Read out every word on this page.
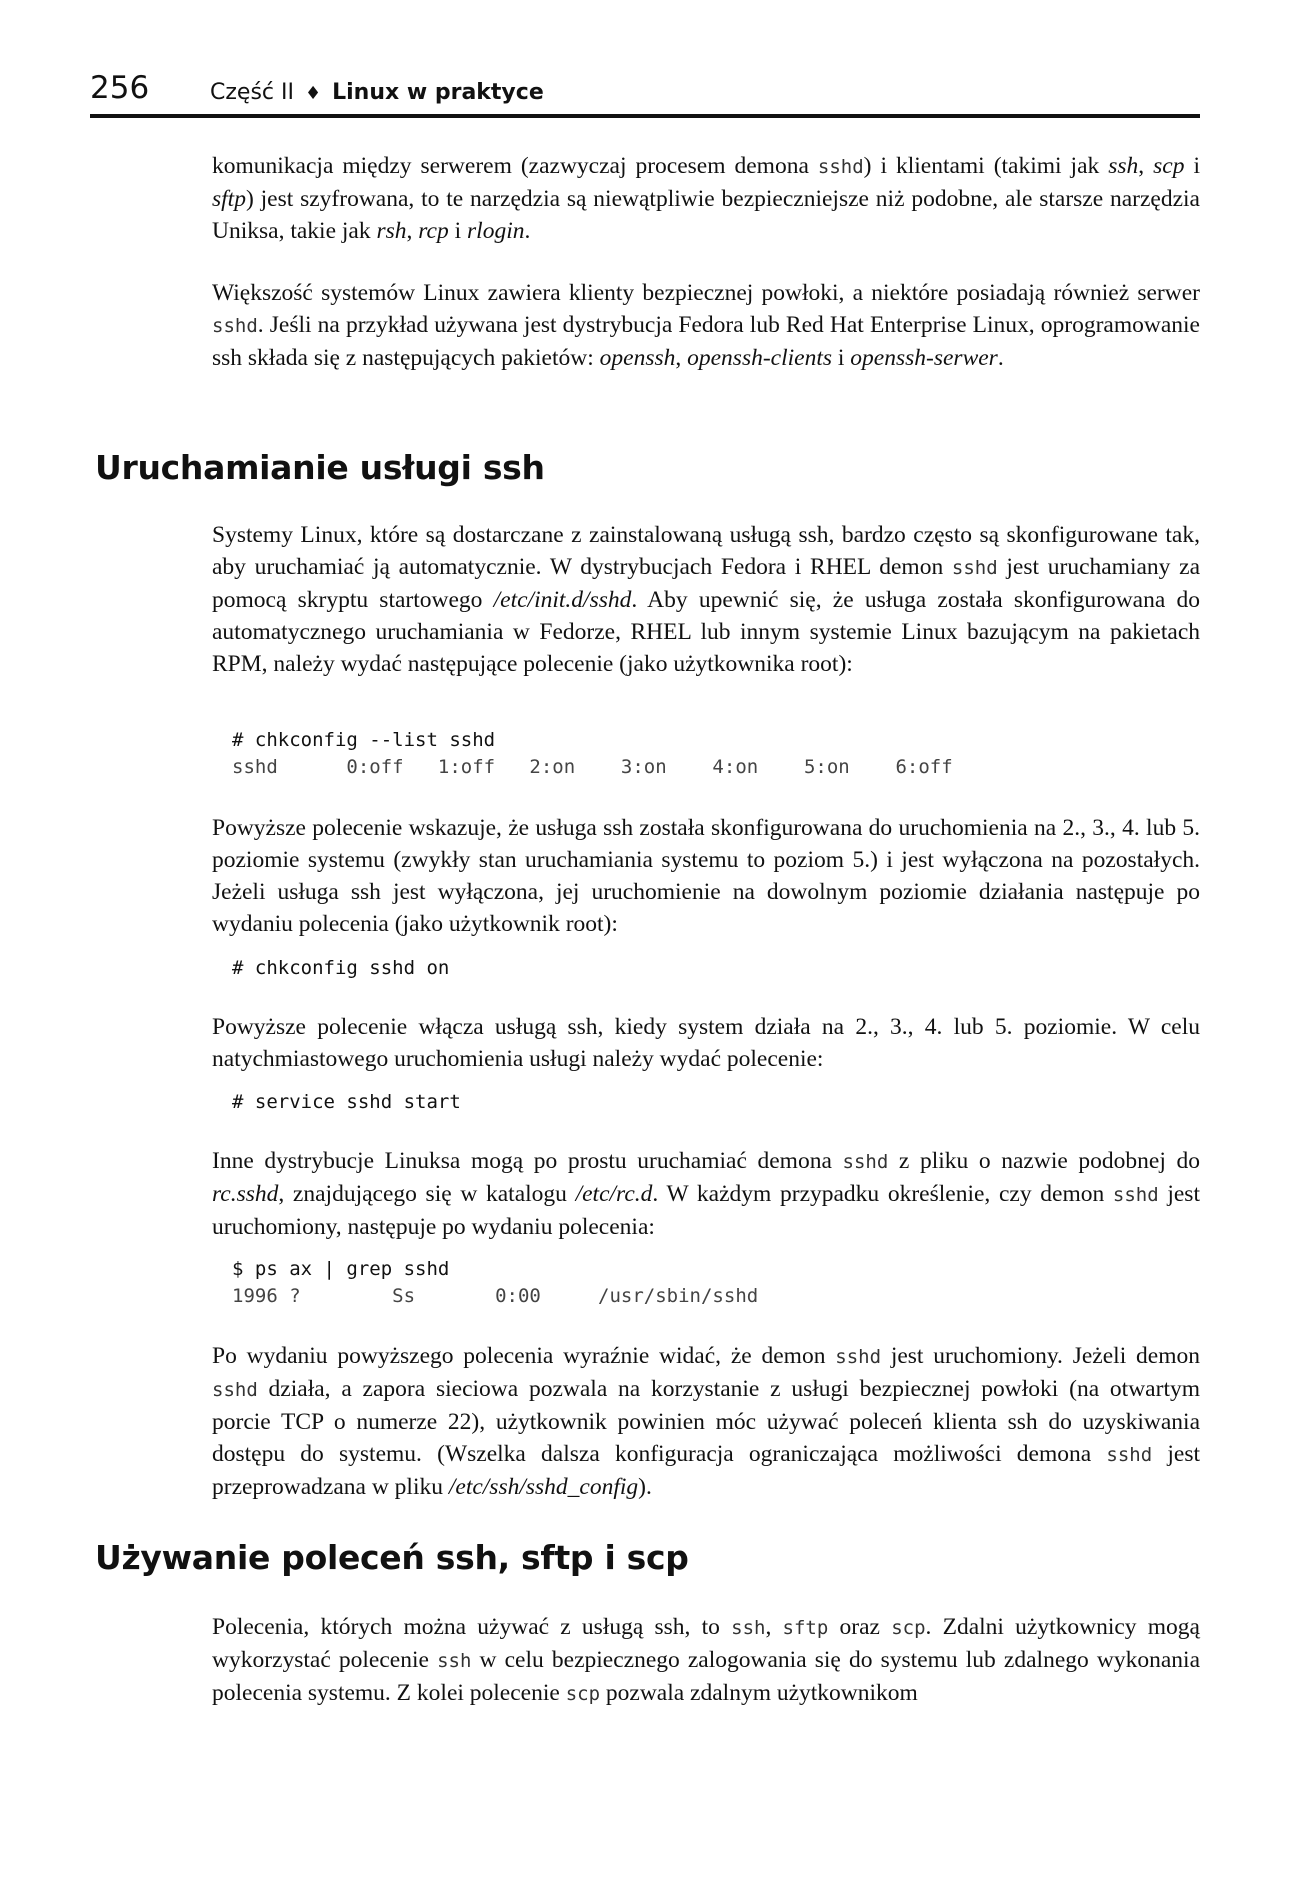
256	Część II ♦ Linux w praktyce

komunikacja między serwerem (zazwyczaj procesem demona sshd) i klientami (takimi jak ssh, scp i sftp) jest szyfrowana, to te narzędzia są niewątpliwie bezpieczniejsze niż podobne, ale starsze narzędzia Uniksa, takie jak rsh, rcp i rlogin.

Większość systemów Linux zawiera klienty bezpiecznej powłoki, a niektóre posiadają również serwer sshd. Jeśli na przykład używana jest dystrybucja Fedora lub Red Hat Enterprise Linux, oprogramowanie ssh składa się z następujących pakietów: openssh, openssh-clients i openssh-serwer.

Uruchamianie usługi ssh

Systemy Linux, które są dostarczane z zainstalowaną usługą ssh, bardzo często są skonfigurowane tak, aby uruchamiać ją automatycznie. W dystrybucjach Fedora i RHEL demon sshd jest uruchamiany za pomocą skryptu startowego /etc/init.d/sshd. Aby upewnić się, że usługa została skonfigurowana do automatycznego uruchamiania w Fedorze, RHEL lub innym systemie Linux bazującym na pakietach RPM, należy wydać następujące polecenie (jako użytkownika root):

# chkconfig --list sshd
sshd      0:off   1:off   2:on    3:on    4:on    5:on    6:off

Powyższe polecenie wskazuje, że usługa ssh została skonfigurowana do uruchomienia na 2., 3., 4. lub 5. poziomie systemu (zwykły stan uruchamiania systemu to poziom 5.) i jest wyłączona na pozostałych. Jeżeli usługa ssh jest wyłączona, jej uruchomienie na dowolnym poziomie działania następuje po wydaniu polecenia (jako użytkownik root):

# chkconfig sshd on

Powyższe polecenie włącza usługą ssh, kiedy system działa na 2., 3., 4. lub 5. poziomie. W celu natychmiastowego uruchomienia usługi należy wydać polecenie:

# service sshd start

Inne dystrybucje Linuksa mogą po prostu uruchamiać demona sshd z pliku o nazwie podobnej do rc.sshd, znajdującego się w katalogu /etc/rc.d. W każdym przypadku określenie, czy demon sshd jest uruchomiony, następuje po wydaniu polecenia:

$ ps ax | grep sshd
1996 ?        Ss       0:00     /usr/sbin/sshd

Po wydaniu powyższego polecenia wyraźnie widać, że demon sshd jest uruchomiony. Jeżeli demon sshd działa, a zapora sieciowa pozwala na korzystanie z usługi bezpiecznej powłoki (na otwartym porcie TCP o numerze 22), użytkownik powinien móc używać poleceń klienta ssh do uzyskiwania dostępu do systemu. (Wszelka dalsza konfiguracja ograniczająca możliwości demona sshd jest przeprowadzana w pliku /etc/ssh/sshd_config).

Używanie poleceń ssh, sftp i scp

Polecenia, których można używać z usługą ssh, to ssh, sftp oraz scp. Zdalni użytkownicy mogą wykorzystać polecenie ssh w celu bezpiecznego zalogowania się do systemu lub zdalnego wykonania polecenia systemu. Z kolei polecenie scp pozwala zdalnym użytkownikom
